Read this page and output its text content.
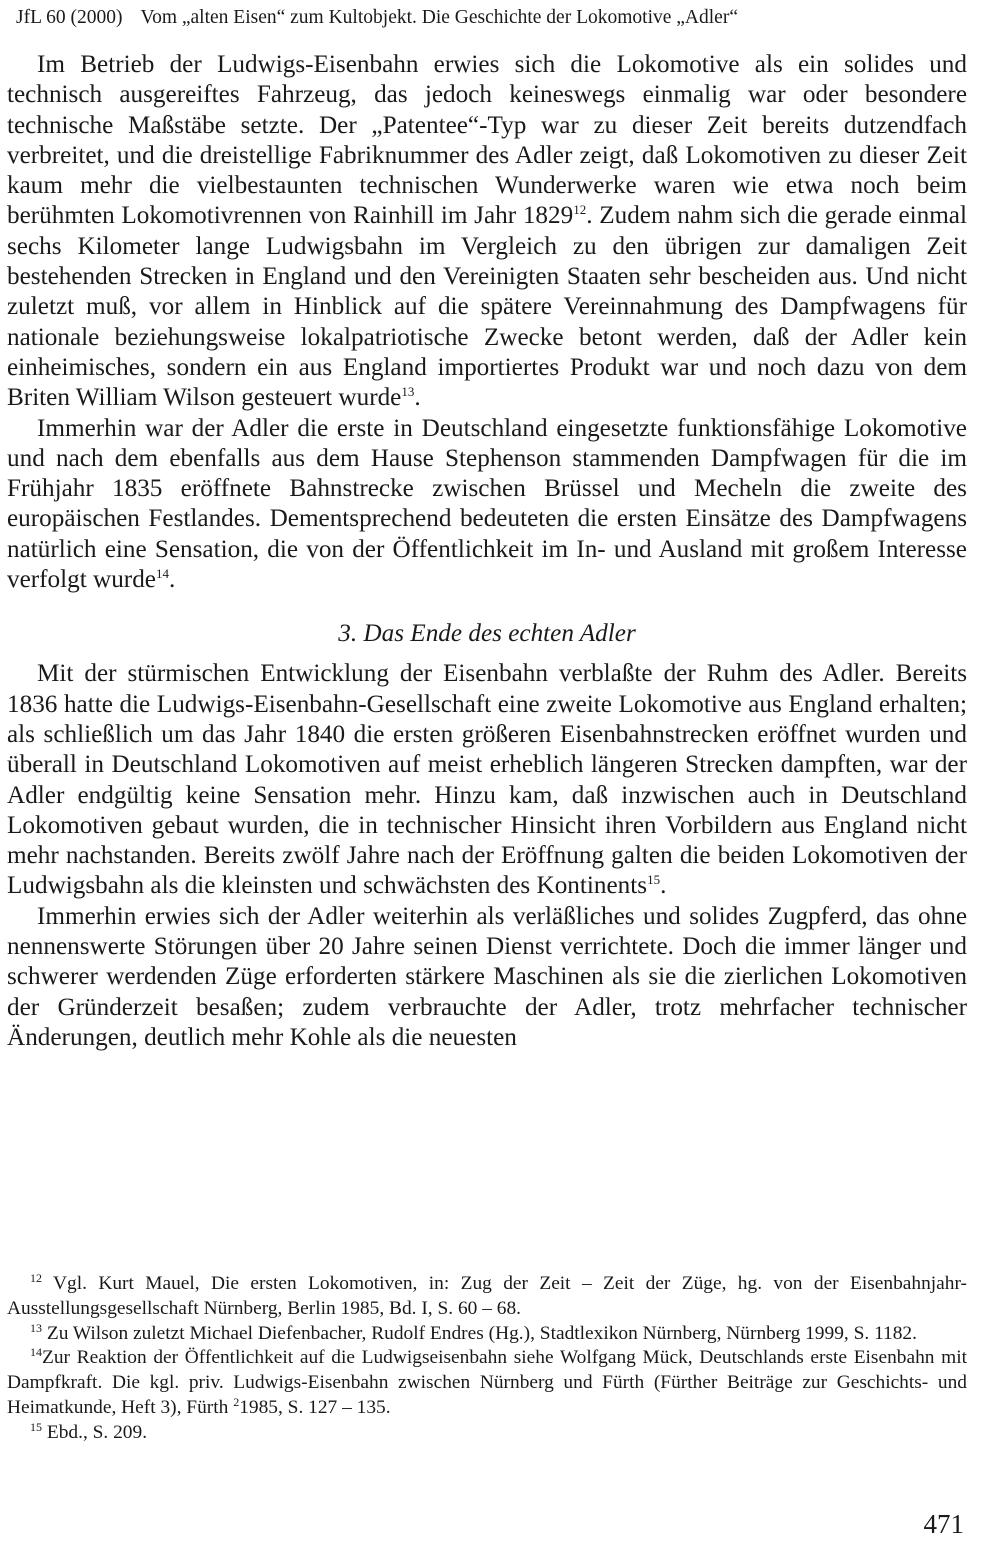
JfL 60 (2000) Vom „alten Eisen“ zum Kultobjekt. Die Geschichte der Lokomotive „Adler“

Im Betrieb der Ludwigs-Eisenbahn erwies sich die Lokomotive als ein solides und technisch ausgereiftes Fahrzeug, das jedoch keineswegs einmalig war oder besondere technische Maßstäbe setzte. Der „Patentee“-Typ war zu dieser Zeit bereits dutzendfach verbreitet, und die dreistellige Fabriknummer des Adler zeigt, daß Lokomotiven zu dieser Zeit kaum mehr die vielbestaunten technischen Wunderwerke waren wie etwa noch beim berühmten Lokomotivrennen von Rainhill im Jahr 1829$^{12}$. Zudem nahm sich die gerade einmal sechs Kilometer lange Ludwigsbahn im Vergleich zu den übrigen zur damaligen Zeit bestehenden Strecken in England und den Vereinigten Staaten sehr bescheiden aus. Und nicht zuletzt muß, vor allem in Hinblick auf die spätere Vereinnahmung des Dampfwagens für nationale beziehungsweise lokalpatriotische Zwecke betont werden, daß der Adler kein einheimisches, sondern ein aus England importiertes Produkt war und noch dazu von dem Briten William Wilson gesteuert wurde$^{13}$.

Immerhin war der Adler die erste in Deutschland eingesetzte funktionsfähige Lokomotive und nach dem ebenfalls aus dem Hause Stephenson stammenden Dampfwagen für die im Frühjahr 1835 eröffnete Bahnstrecke zwischen Brüssel und Mecheln die zweite des europäischen Festlandes. Dementsprechend bedeuteten die ersten Einsätze des Dampfwagens natürlich eine Sensation, die von der Öffentlichkeit im In- und Ausland mit großem Interesse verfolgt wurde$^{14}$.

3. Das Ende des echten Adler

Mit der stürmischen Entwicklung der Eisenbahn verblaßte der Ruhm des Adler. Bereits 1836 hatte die Ludwigs-Eisenbahn-Gesellschaft eine zweite Lokomotive aus England erhalten; als schließlich um das Jahr 1840 die ersten größeren Eisenbahnstrecken eröffnet wurden und überall in Deutschland Lokomotiven auf meist erheblich längeren Strecken dampften, war der Adler endgültig keine Sensation mehr. Hinzu kam, daß inzwischen auch in Deutschland Lokomotiven gebaut wurden, die in technischer Hinsicht ihren Vorbildern aus England nicht mehr nachstanden. Bereits zwölf Jahre nach der Eröffnung galten die beiden Lokomotiven der Ludwigsbahn als die kleinsten und schwächsten des Kontinents$^{15}$.

Immerhin erwies sich der Adler weiterhin als verläßliches und solides Zugpferd, das ohne nennenswerte Störungen über 20 Jahre seinen Dienst verrichtete. Doch die immer länger und schwerer werdenden Züge erforderten stärkere Maschinen als sie die zierlichen Lokomotiven der Gründerzeit besaßen; zudem verbrauchte der Adler, trotz mehrfacher technischer Änderungen, deutlich mehr Kohle als die neuesten

$^{12}$ Vgl. Kurt Mauel, Die ersten Lokomotiven, in: Zug der Zeit – Zeit der Züge, hg. von der Eisenbahnjahr-Ausstellungsgesellschaft Nürnberg, Berlin 1985, Bd. I, S. 60 – 68.

$^{13}$ Zu Wilson zuletzt Michael Diefenbacher, Rudolf Endres (Hg.), Stadtlexikon Nürnberg, Nürnberg 1999, S. 1182.

$^{14}$Zur Reaktion der Öffentlichkeit auf die Ludwigseisenbahn siehe Wolfgang Mück, Deutschlands erste Eisenbahn mit Dampfkraft. Die kgl. priv. Ludwigs-Eisenbahn zwischen Nürnberg und Fürth (Fürther Beiträge zur Geschichts- und Heimatkunde, Heft 3), Fürth $^2$1985, S. 127 – 135.

$^{15}$ Ebd., S. 209.

471
